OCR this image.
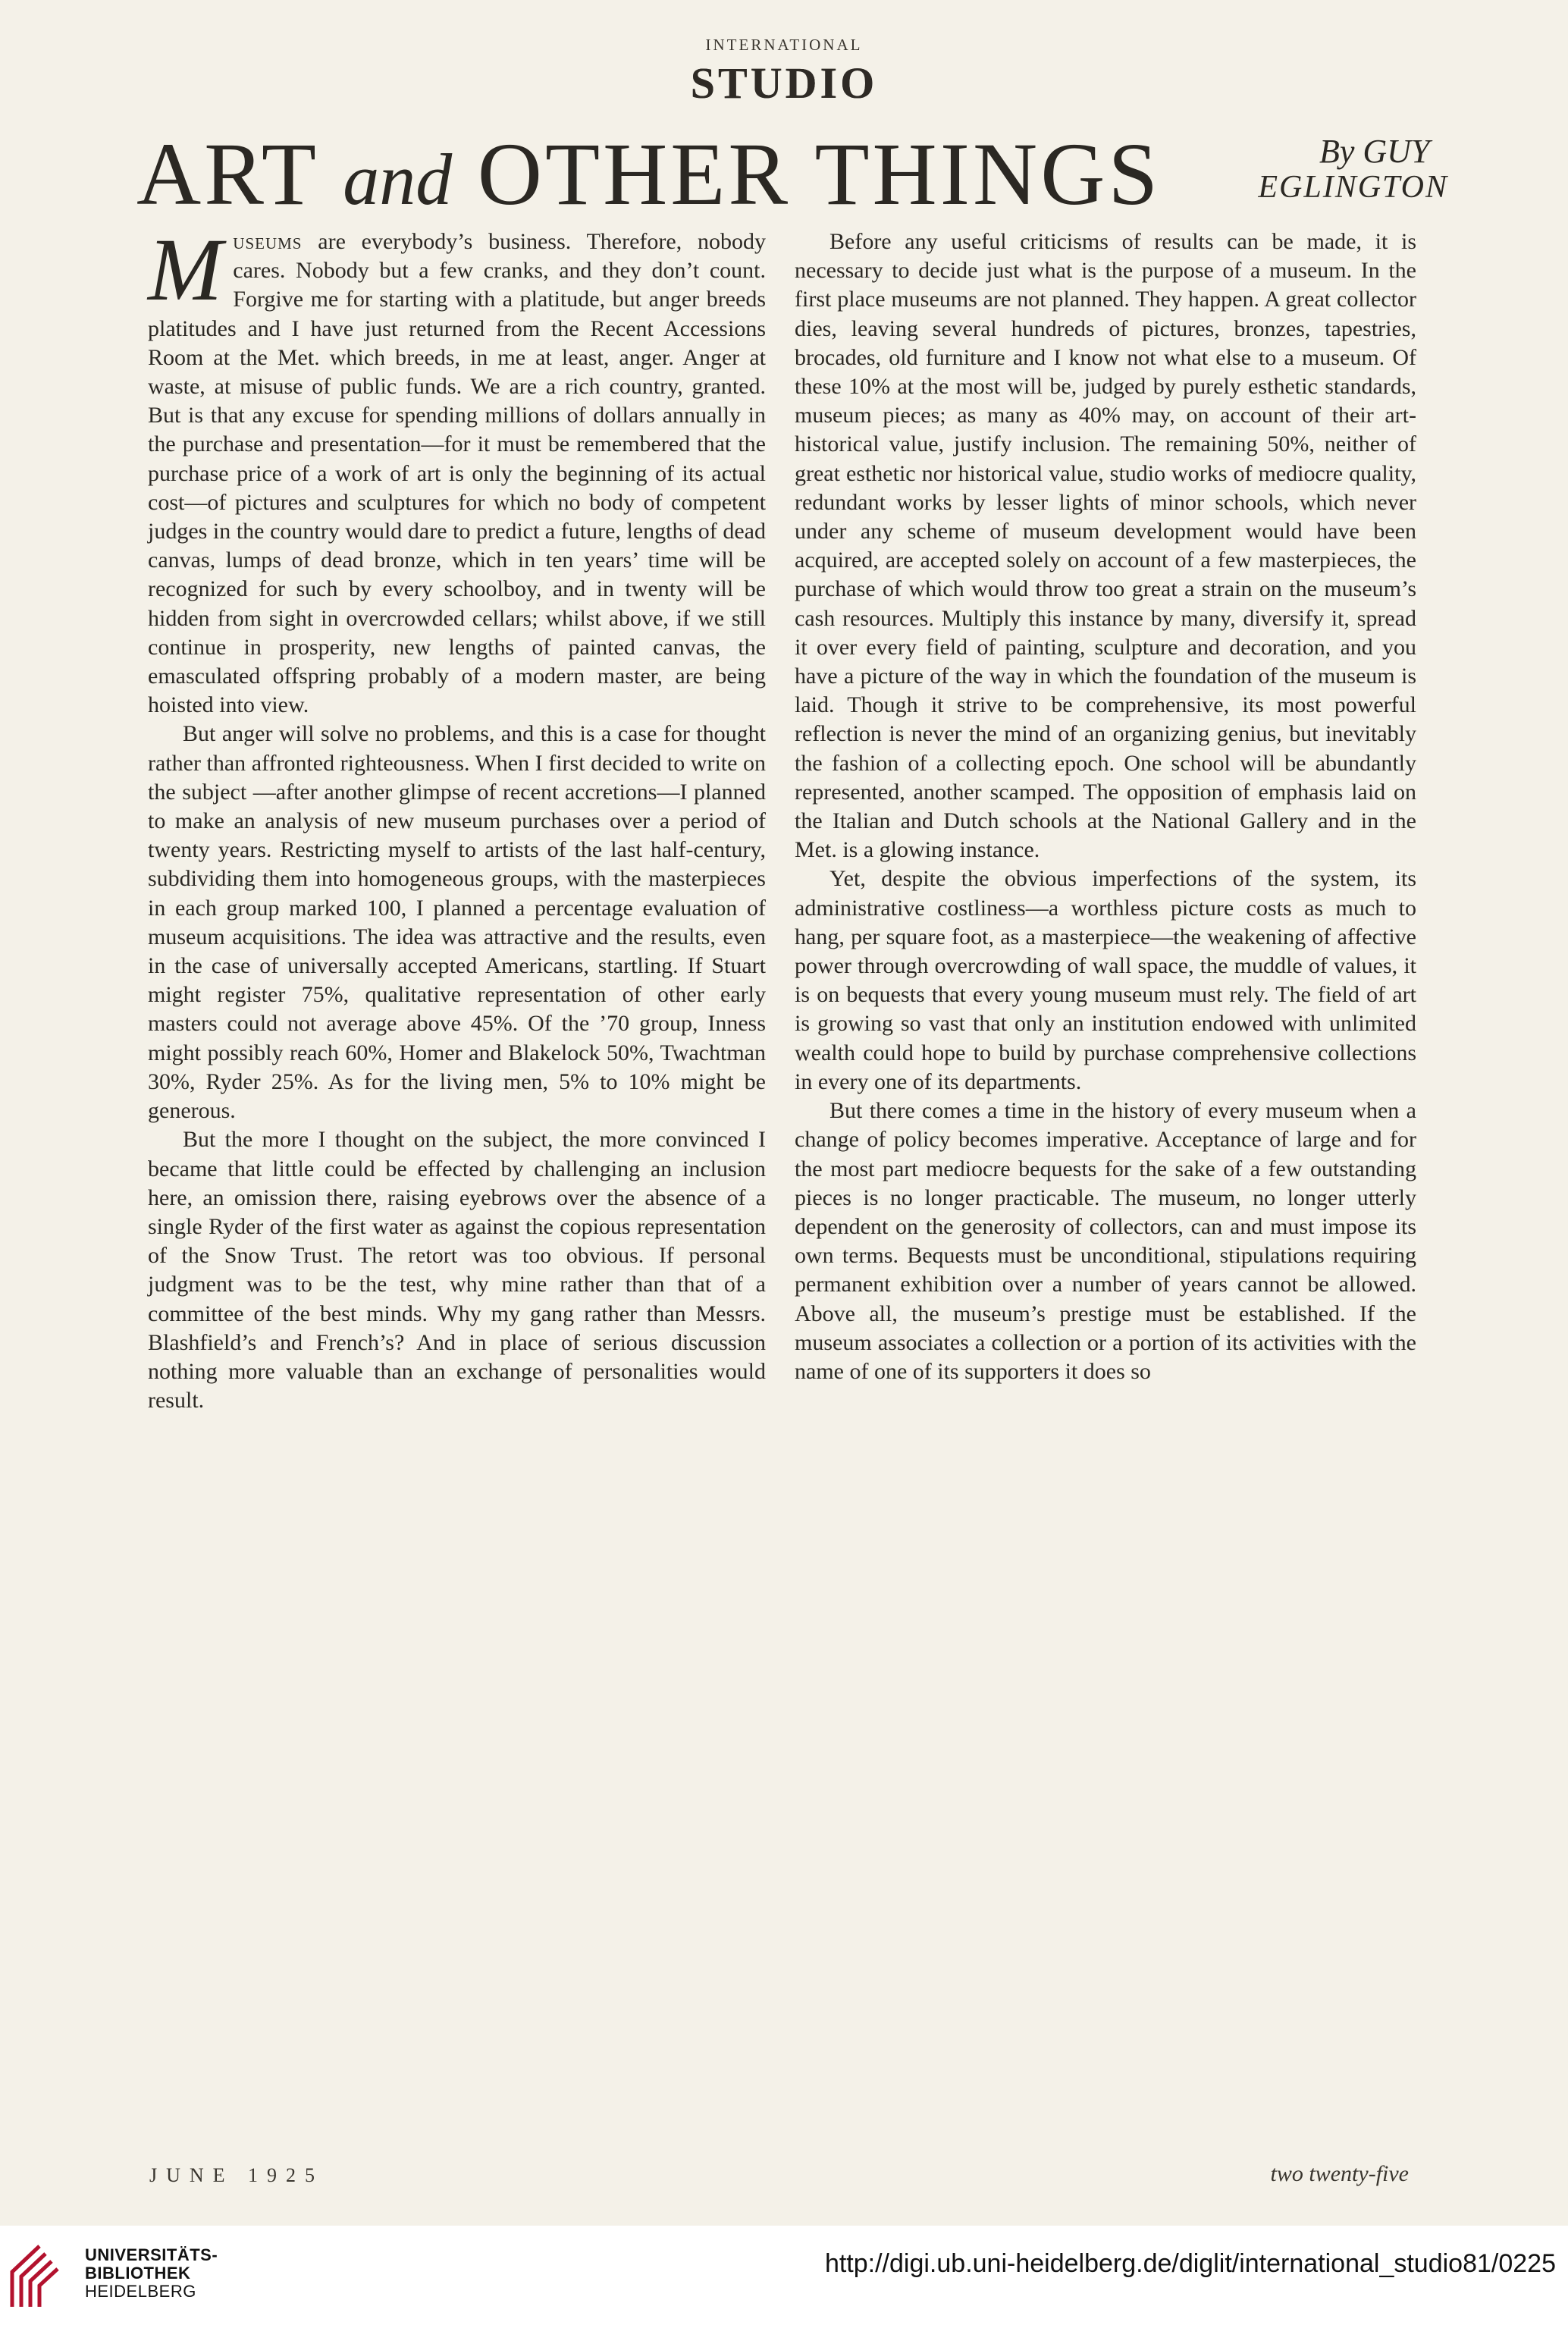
international
STUDIO
ART and OTHER THINGS	By GUY
EGLINGTON

Museums are everybody’s business. Therefore, nobody cares. Nobody but a few cranks, and they don’t count. Forgive me for starting with a platitude, but anger breeds platitudes and I have just returned from the Recent Accessions Room at the Met. which breeds, in me at least, anger. Anger at waste, at misuse of public funds. We are a rich country, granted. But is that any excuse for spending millions of dollars annually in the purchase and presentation—for it must be remembered that the purchase price of a work of art is only the beginning of its actual cost—of pictures and sculptures for which no body of competent judges in the country would dare to predict a future, lengths of dead canvas, lumps of dead bronze, which in ten years’ time will be recognized for such by every schoolboy, and in twenty will be hidden from sight in overcrowded cellars; whilst above, if we still continue in prosperity, new lengths of painted canvas, the emasculated offspring probably of a modern master, are being hoisted into view.

But anger will solve no problems, and this is a case for thought rather than affronted righteousness. When I first decided to write on the subject —after another glimpse of recent accretions—I planned to make an analysis of new museum purchases over a period of twenty years. Restricting myself to artists of the last half-century, subdividing them into homogeneous groups, with the masterpieces in each group marked 100, I planned a percentage evaluation of museum acquisitions. The idea was attractive and the results, even in the case of universally accepted Americans, startling. If Stuart might register 75%, qualitative representation of other early masters could not average above 45%. Of the ’70 group, Inness might possibly reach 60%, Homer and Blakelock 50%, Twachtman 30%, Ryder 25%. As for the living men, 5% to 10% might be generous.

But the more I thought on the subject, the more convinced I became that little could be effected by challenging an inclusion here, an omission there, raising eyebrows over the absence of a single Ryder of the first water as against the copious representation of the Snow Trust. The retort was too obvious. If personal judgment was to be the test, why mine rather than that of a committee of the best minds. Why my gang rather than Messrs. Blashfield’s and French’s? And in place of serious discussion nothing more valuable than an exchange of personalities would result.

Before any useful criticisms of results can be made, it is necessary to decide just what is the purpose of a museum. In the first place museums are not planned. They happen. A great collector dies, leaving several hundreds of pictures, bronzes, tapestries, brocades, old furniture and I know not what else to a museum. Of these 10% at the most will be, judged by purely esthetic standards, museum pieces; as many as 40% may, on account of their art-historical value, justify inclusion. The remaining 50%, neither of great esthetic nor historical value, studio works of mediocre quality, redundant works by lesser lights of minor schools, which never under any scheme of museum development would have been acquired, are accepted solely on account of a few masterpieces, the purchase of which would throw too great a strain on the museum’s cash resources. Multiply this instance by many, diversify it, spread it over every field of painting, sculpture and decoration, and you have a picture of the way in which the foundation of the museum is laid. Though it strive to be comprehensive, its most powerful reflection is never the mind of an organizing genius, but inevitably the fashion of a collecting epoch. One school will be abundantly represented, another scamped. The opposition of emphasis laid on the Italian and Dutch schools at the National Gallery and in the Met. is a glowing instance.

Yet, despite the obvious imperfections of the system, its administrative costliness—a worthless picture costs as much to hang, per square foot, as a masterpiece—the weakening of affective power through overcrowding of wall space, the muddle of values, it is on bequests that every young museum must rely. The field of art is growing so vast that only an institution endowed with unlimited wealth could hope to build by purchase comprehensive collections in every one of its departments.

But there comes a time in the history of every museum when a change of policy becomes imperative. Acceptance of large and for the most part mediocre bequests for the sake of a few outstanding pieces is no longer practicable. The museum, no longer utterly dependent on the generosity of collectors, can and must impose its own terms. Bequests must be unconditional, stipulations requiring permanent exhibition over a number of years cannot be allowed. Above all, the museum’s prestige must be established. If the museum associates a collection or a portion of its activities with the name of one of its supporters it does so

JUNE 1925	two twenty-five
UNIVERSITÄTS-
BIBLIOTHEK
HEIDELBERG
http://digi.ub.uni-heidelberg.de/diglit/international_studio81/0225
